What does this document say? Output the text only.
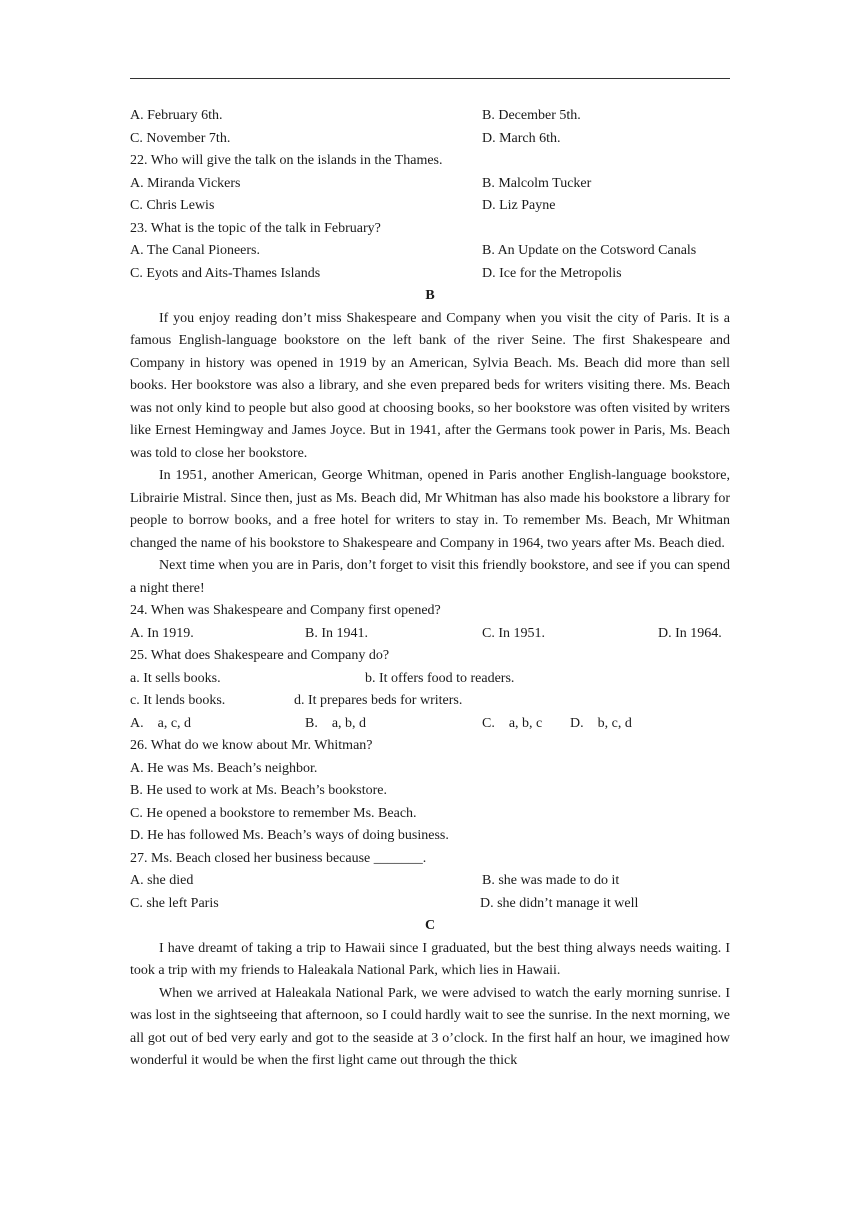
A. February 6th.	B. December 5th.
C. November 7th.	D. March 6th.
22. Who will give the talk on the islands in the Thames.
A. Miranda Vickers	B. Malcolm Tucker
C. Chris Lewis	D. Liz Payne
23. What is the topic of the talk in February?
A. The Canal Pioneers.	B. An Update on the Cotsword Canals
C. Eyots and Aits-Thames Islands	D. Ice for the Metropolis
B

If you enjoy reading don’t miss Shakespeare and Company when you visit the city of Paris. It is a famous English-language bookstore on the left bank of the river Seine. The first Shakespeare and Company in history was opened in 1919 by an American, Sylvia Beach. Ms. Beach did more than sell books. Her bookstore was also a library, and she even prepared beds for writers visiting there. Ms. Beach was not only kind to people but also good at choosing books, so her bookstore was often visited by writers like Ernest Hemingway and James Joyce. But in 1941, after the Germans took power in Paris, Ms. Beach was told to close her bookstore.

In 1951, another American, George Whitman, opened in Paris another English-language bookstore, Librairie Mistral. Since then, just as Ms. Beach did, Mr Whitman has also made his bookstore a library for people to borrow books, and a free hotel for writers to stay in. To remember Ms. Beach, Mr Whitman changed the name of his bookstore to Shakespeare and Company in 1964, two years after Ms. Beach died.

Next time when you are in Paris, don’t forget to visit this friendly bookstore, and see if you can spend a night there!

24. When was Shakespeare and Company first opened?
A. In 1919.	B. In 1941.	C. In 1951.	D. In 1964.
25. What does Shakespeare and Company do?
a. It sells books.	b. It offers food to readers.
c. It lends books.	d. It prepares beds for writers.
A.    a, c, d	B.    a, b, d	C.    a, b, c D.    b, c, d
26. What do we know about Mr. Whitman?
A. He was Ms. Beach’s neighbor.
B. He used to work at Ms. Beach’s bookstore.
C. He opened a bookstore to remember Ms. Beach.
D. He has followed Ms. Beach’s ways of doing business.
27. Ms. Beach closed her business because _______.
A. she died	B. she was made to do it
C. she left Paris	D. she didn’t manage it well
C

I have dreamt of taking a trip to Hawaii since I graduated, but the best thing always needs waiting. I took a trip with my friends to Haleakala National Park, which lies in Hawaii.

When we arrived at Haleakala National Park, we were advised to watch the early morning sunrise. I was lost in the sightseeing that afternoon, so I could hardly wait to see the sunrise. In the next morning, we all got out of bed very early and got to the seaside at 3 o’clock. In the first half an hour, we imagined how wonderful it would be when the first light came out through the thick
